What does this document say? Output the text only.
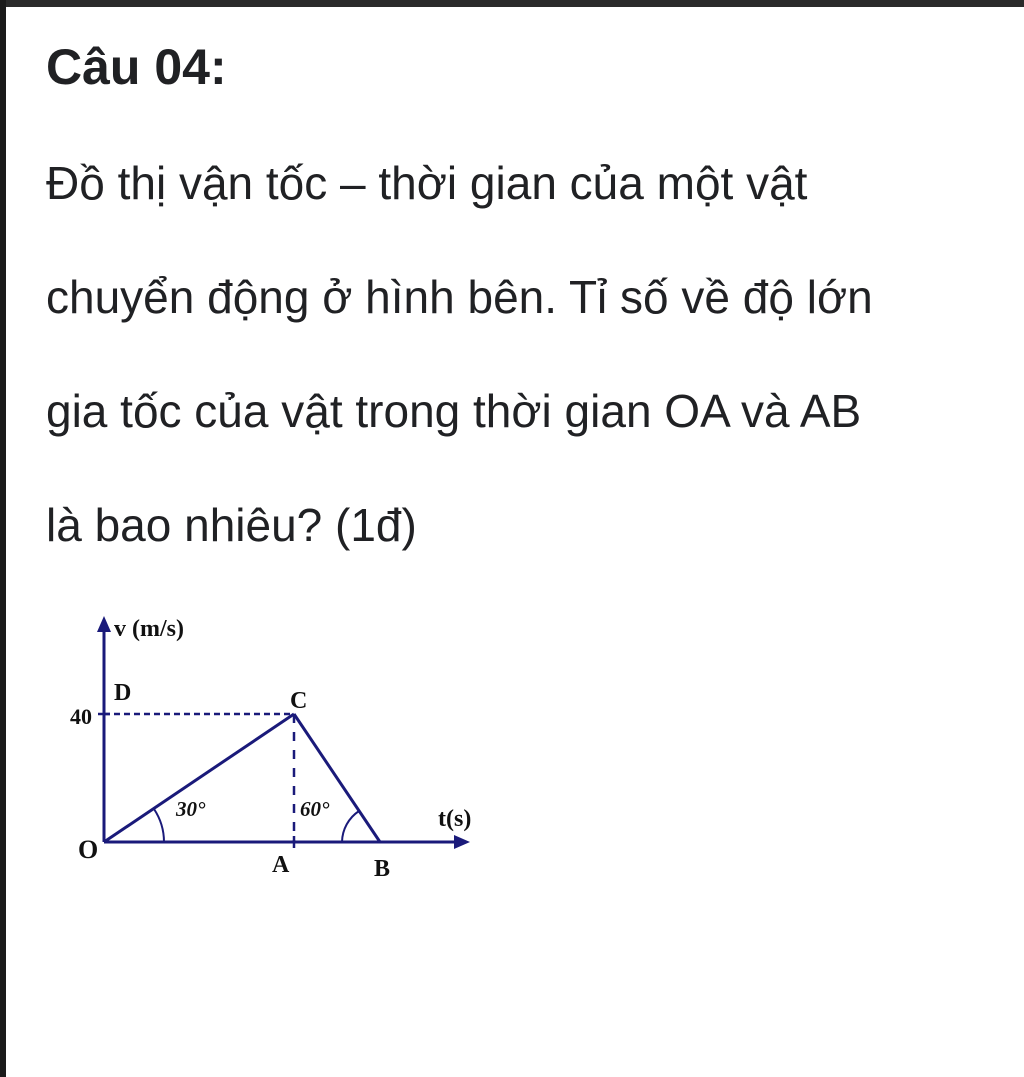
Câu 04:
Đồ thị vận tốc – thời gian của một vật
chuyển động ở hình bên. Tỉ số về độ lớn
gia tốc của vật trong thời gian OA và AB
là bao nhiêu? (1đ)
v (m/s)
t(s)
40
D	C
O
A	B
30°	60°
